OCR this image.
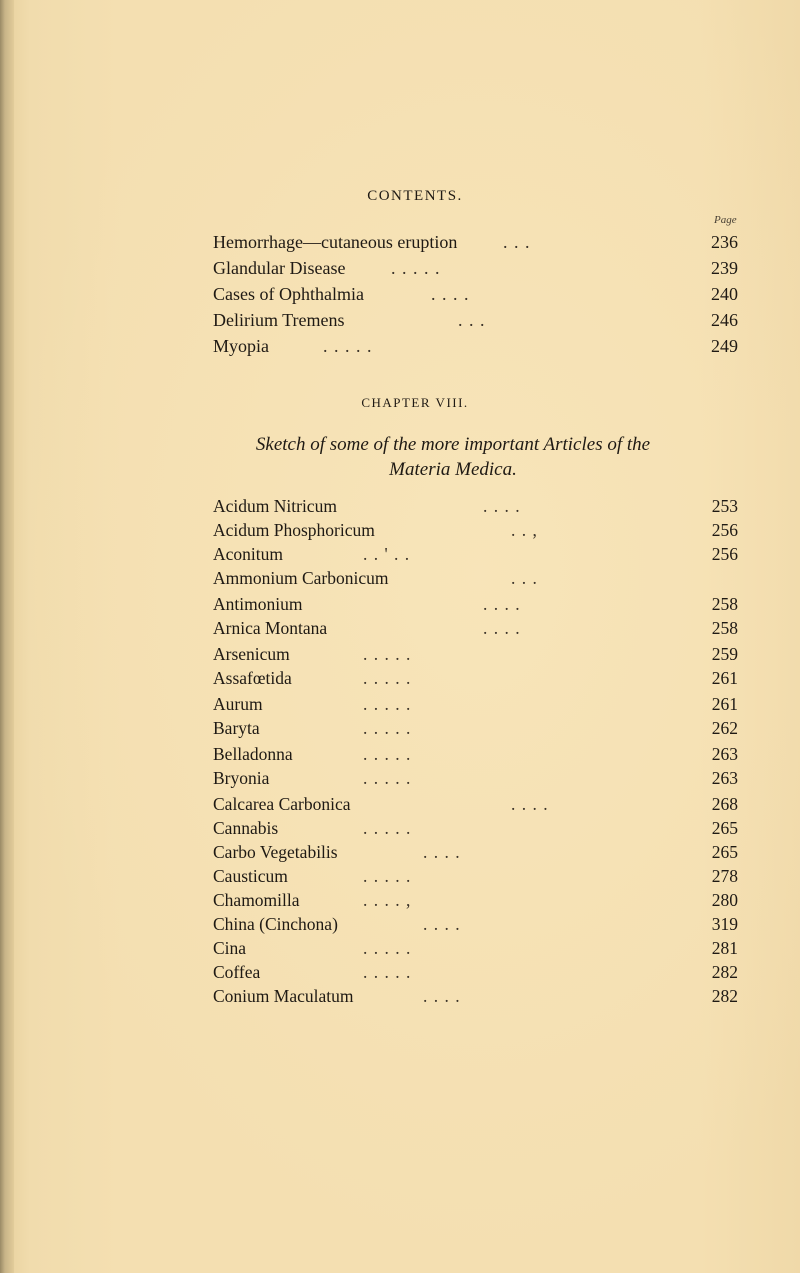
CONTENTS.
Page
Hemorrhage—cutaneous eruption	. . .	236
Glandular Disease	. . . . .	239
Cases of Ophthalmia	. . . .	240
Delirium Tremens	. . .	246
Myopia	. . . . .	249
CHAPTER VIII.
Sketch of some of the more important Articles of the
Materia Medica.
Acidum Nitricum	. . . .	253
Acidum Phosphoricum	. . ,	256
Aconitum	. . ' . .	256
Ammonium Carbonicum	. . .
Antimonium	. . . .	258
Arnica Montana	. . . .	258
Arsenicum	. . . . .	259
Assafœtida	. . . . .	261
Aurum	. . . . .	261
Baryta	. . . . .	262
Belladonna	. . . . .	263
Bryonia	. . . . .	263
Calcarea Carbonica	. . . .	268
Cannabis	. . . . .	265
Carbo Vegetabilis	. . . .	265
Causticum	. . . . .	278
Chamomilla	. . . . ,	280
China (Cinchona)	. . . .	319
Cina	. . . . .	281
Coffea	. . . . .	282
Conium Maculatum	. . . .	282
